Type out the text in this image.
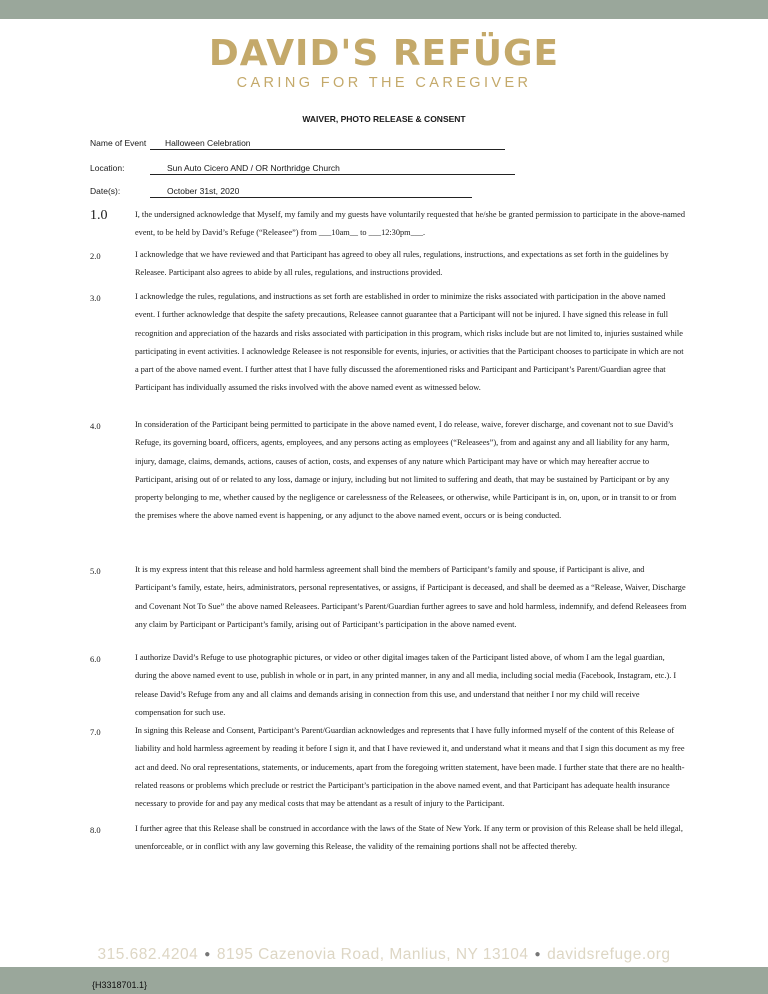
DAVID'S REFÜGE
CARING FOR THE CAREGIVER
WAIVER, PHOTO RELEASE & CONSENT
Name of Event	Halloween Celebration
Location:	Sun Auto Cicero AND / OR Northridge Church
Date(s):	October 31st, 2020
1.0	I, the undersigned acknowledge that Myself, my family and my guests have voluntarily requested that he/she be granted permission to participate in the above-named event, to be held by David’s Refuge (“Releasee”) from ___10am__ to ___12:30pm___.
2.0	I acknowledge that we have reviewed and that Participant has agreed to obey all rules, regulations, instructions, and expectations as set forth in the guidelines by Releasee. Participant also agrees to abide by all rules, regulations, and instructions provided.
3.0	I acknowledge the rules, regulations, and instructions as set forth are established in order to minimize the risks associated with participation in the above named event. I further acknowledge that despite the safety precautions, Releasee cannot guarantee that a Participant will not be injured. I have signed this release in full recognition and appreciation of the hazards and risks associated with participation in this program, which risks include but are not limited to, injuries sustained while participating in event activities. I acknowledge Releasee is not responsible for events, injuries, or activities that the Participant chooses to participate in which are not a part of the above named event. I further attest that I have fully discussed the aforementioned risks and Participant and Participant’s Parent/Guardian agree that Participant has individually assumed the risks involved with the above named event as witnessed below.
4.0	In consideration of the Participant being permitted to participate in the above named event, I do release, waive, forever discharge, and covenant not to sue David’s Refuge, its governing board, officers, agents, employees, and any persons acting as employees (“Releasees”), from and against any and all liability for any harm, injury, damage, claims, demands, actions, causes of action, costs, and expenses of any nature which Participant may have or which may hereafter accrue to Participant, arising out of or related to any loss, damage or injury, including but not limited to suffering and death, that may be sustained by Participant or by any property belonging to me, whether caused by the negligence or carelessness of the Releasees, or otherwise, while Participant is in, on, upon, or in transit to or from the premises where the above named event is happening, or any adjunct to the above named event, occurs or is being conducted.
5.0	It is my express intent that this release and hold harmless agreement shall bind the members of Participant’s family and spouse, if Participant is alive, and Participant’s family, estate, heirs, administrators, personal representatives, or assigns, if Participant is deceased, and shall be deemed as a “Release, Waiver, Discharge and Covenant Not To Sue” the above named Releasees. Participant’s Parent/Guardian further agrees to save and hold harmless, indemnify, and defend Releasees from any claim by Participant or Participant’s family, arising out of Participant’s participation in the above named event.
6.0	I authorize David’s Refuge to use photographic pictures, or video or other digital images taken of the Participant listed above, of whom I am the legal guardian, during the above named event to use, publish in whole or in part, in any printed manner, in any and all media, including social media (Facebook, Instagram, etc.). I release David’s Refuge from any and all claims and demands arising in connection from this use, and understand that neither I nor my child will receive compensation for such use.
7.0	In signing this Release and Consent, Participant’s Parent/Guardian acknowledges and represents that I have fully informed myself of the content of this Release of liability and hold harmless agreement by reading it before I sign it, and that I have reviewed it, and understand what it means and that I sign this document as my free act and deed. No oral representations, statements, or inducements, apart from the foregoing written statement, have been made. I further state that there are no health-related reasons or problems which preclude or restrict the Participant’s participation in the above named event, and that Participant has adequate health insurance necessary to provide for and pay any medical costs that may be attendant as a result of injury to the Participant.
8.0	I further agree that this Release shall be construed in accordance with the laws of the State of New York. If any term or provision of this Release shall be held illegal, unenforceable, or in conflict with any law governing this Release, the validity of the remaining portions shall not be affected thereby.
315.682.4204 ● 8195 Cazenovia Road, Manlius, NY 13104 ● davidsrefuge.org
{H3318701.1}
